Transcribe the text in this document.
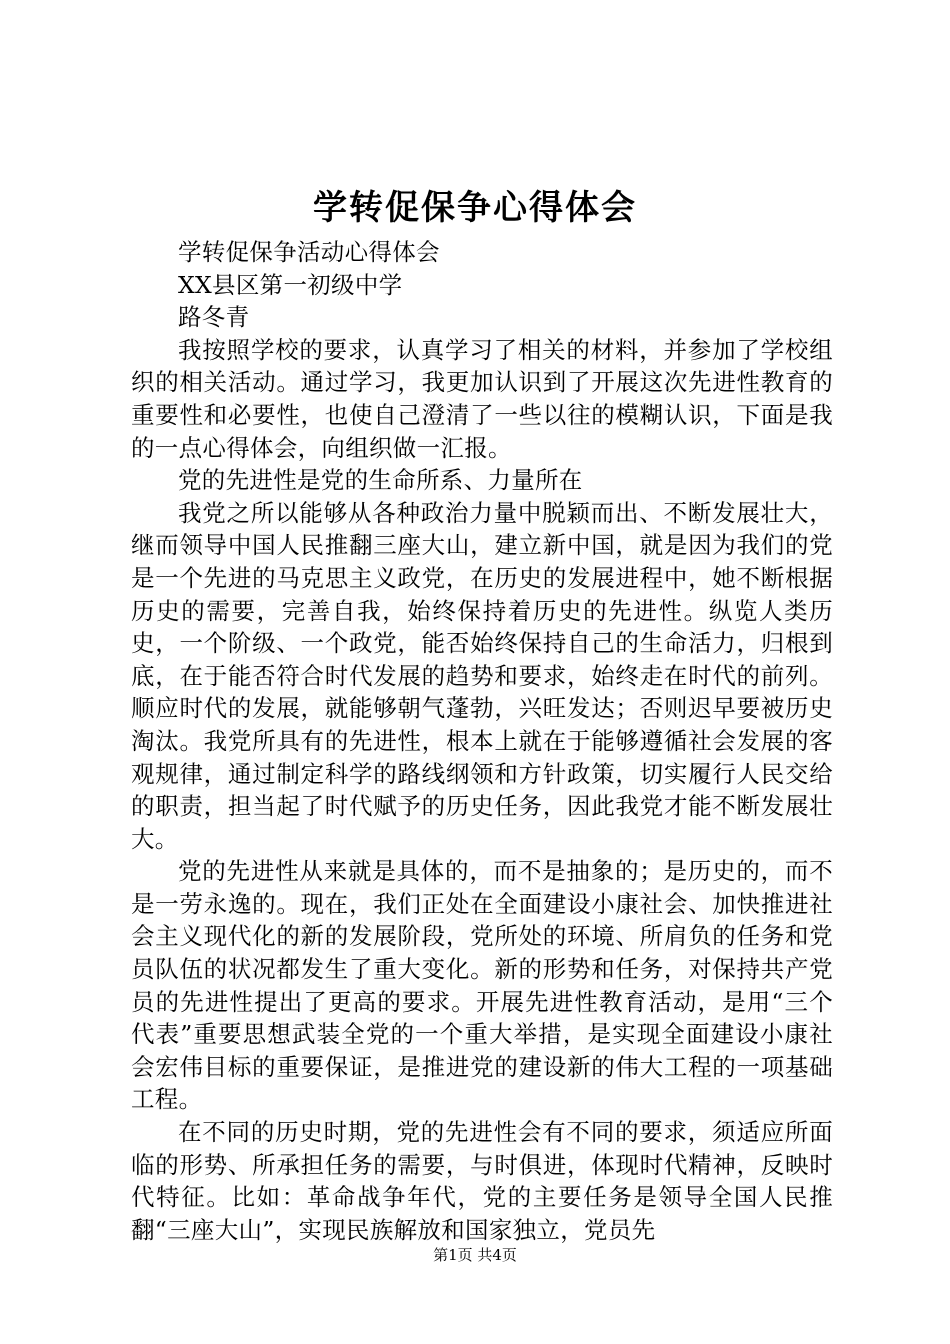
学转促保争心得体会

学转促保争活动心得体会

XX县区第一初级中学

路冬青

我按照学校的要求，认真学习了相关的材料，并参加了学校组织的相关活动。通过学习，我更加认识到了开展这次先进性教育的重要性和必要性，也使自己澄清了一些以往的模糊认识，下面是我的一点心得体会，向组织做一汇报。

党的先进性是党的生命所系、力量所在

我党之所以能够从各种政治力量中脱颖而出、不断发展壮大，继而领导中国人民推翻三座大山，建立新中国，就是因为我们的党是一个先进的马克思主义政党，在历史的发展进程中，她不断根据历史的需要，完善自我，始终保持着历史的先进性。纵览人类历史，一个阶级、一个政党，能否始终保持自己的生命活力，归根到底，在于能否符合时代发展的趋势和要求，始终走在时代的前列。顺应时代的发展，就能够朝气蓬勃，兴旺发达；否则迟早要被历史淘汰。我党所具有的先进性，根本上就在于能够遵循社会发展的客观规律，通过制定科学的路线纲领和方针政策，切实履行人民交给的职责，担当起了时代赋予的历史任务，因此我党才能不断发展壮大。

党的先进性从来就是具体的，而不是抽象的；是历史的，而不是一劳永逸的。现在，我们正处在全面建设小康社会、加快推进社会主义现代化的新的发展阶段，党所处的环境、所肩负的任务和党员队伍的状况都发生了重大变化。新的形势和任务，对保持共产党员的先进性提出了更高的要求。开展先进性教育活动，是用“三个代表”重要思想武装全党的一个重大举措，是实现全面建设小康社会宏伟目标的重要保证，是推进党的建设新的伟大工程的一项基础工程。

在不同的历史时期，党的先进性会有不同的要求，须适应所面临的形势、所承担任务的需要，与时俱进，体现时代精神，反映时代特征。比如：革命战争年代，党的主要任务是领导全国人民推翻“三座大山”，实现民族解放和国家独立，党员先

第1页 共4页
